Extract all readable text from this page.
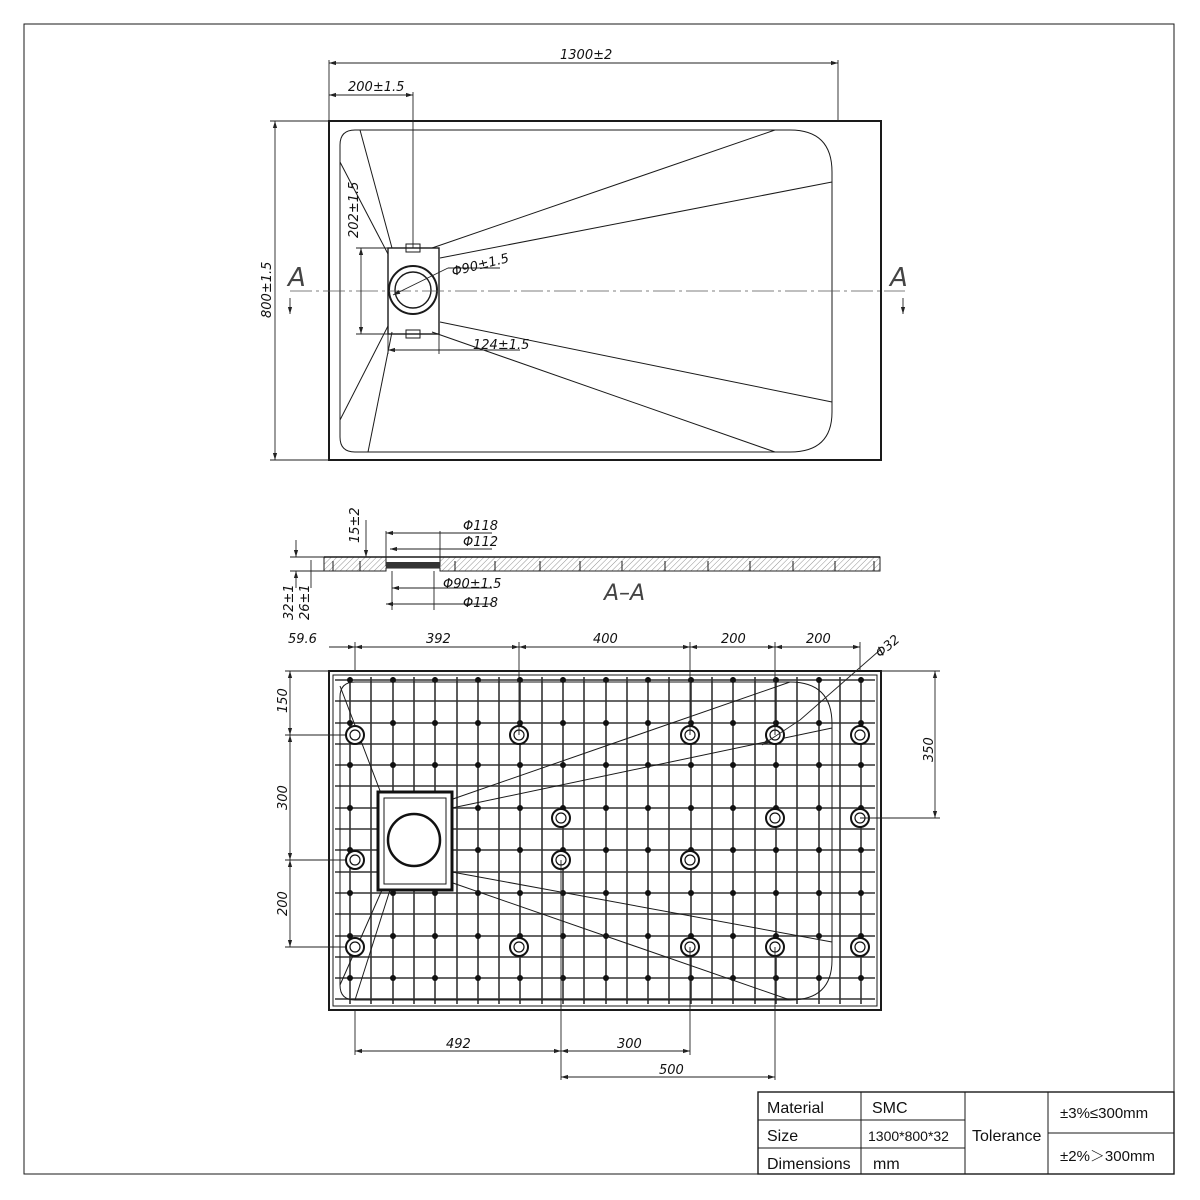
A	A
1300±2
200±1.5
800±1.5
202±1.5
Φ90±1.5
124±1.5
Φ118
Φ112
15±2
Φ90±1.5
Φ118
32±1 26±1	A–A
59.6	392	400	200	200	Φ32
150
300
200
350
492	300
500
Material	SMC
Size	1300*800*32
Dimensions mm
Tolerance
±3%≤300mm
±2%＞300mm
